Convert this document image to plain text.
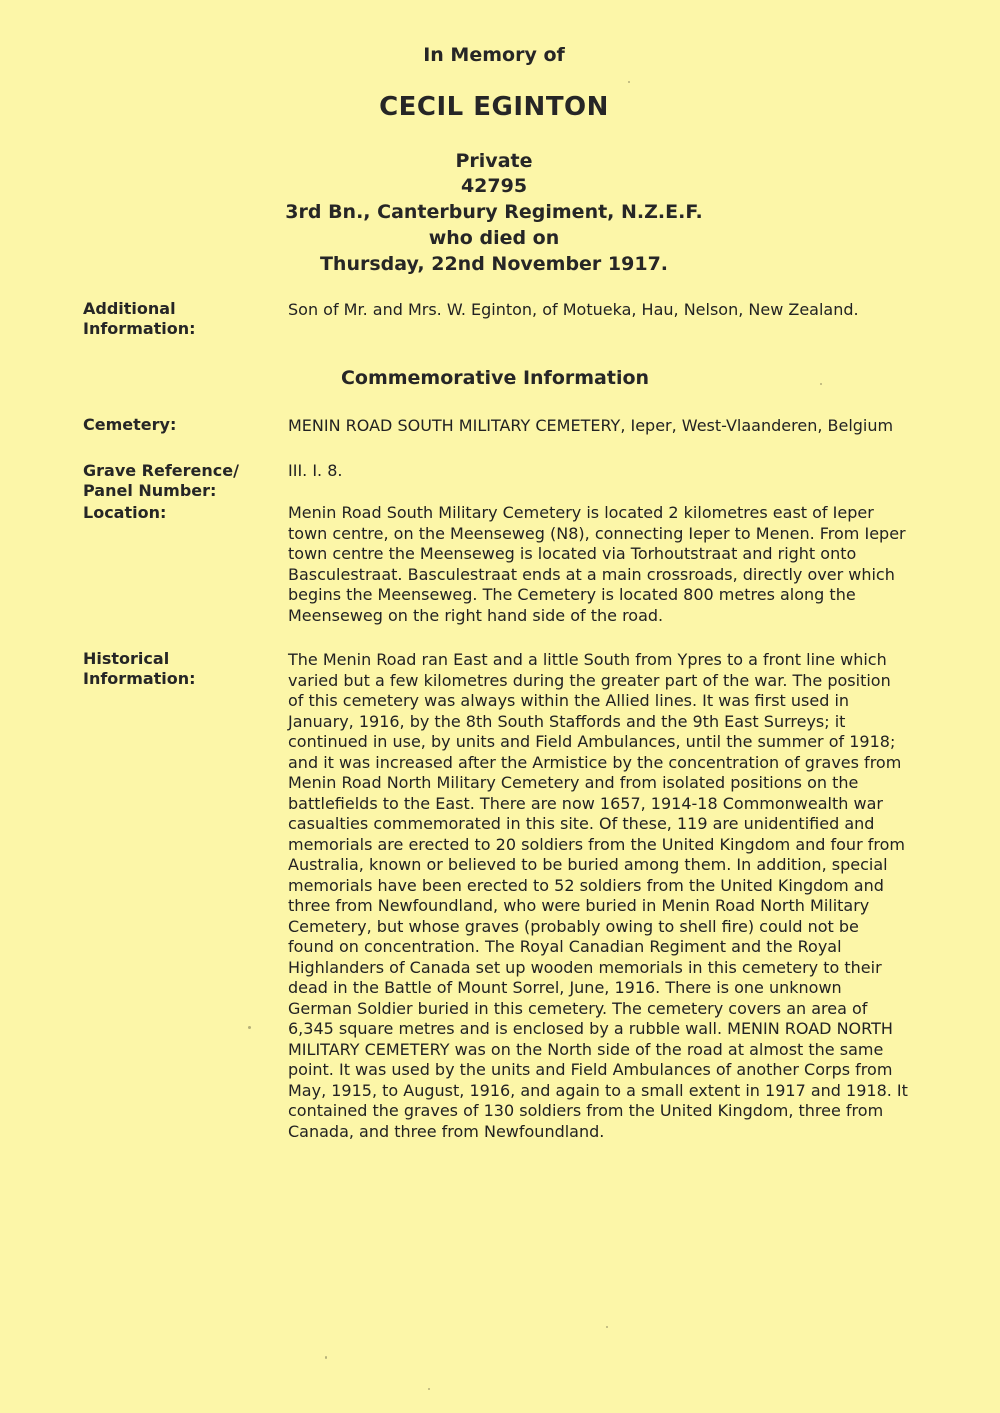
In Memory of
CECIL EGINTON
Private
42795
3rd Bn., Canterbury Regiment, N.Z.E.F.
who died on
Thursday, 22nd November 1917.
Additional Information:
Son of Mr. and Mrs. W. Eginton, of Motueka, Hau, Nelson, New Zealand.
Commemorative Information
Cemetery:	MENIN ROAD SOUTH MILITARY CEMETERY, Ieper, West-Vlaanderen, Belgium
Grave Reference/ Panel Number:
III. I. 8.
Location:	Menin Road South Military Cemetery is located 2 kilometres east of Ieper town centre, on the Meenseweg (N8), connecting Ieper to Menen. From Ieper town centre the Meenseweg is located via Torhoutstraat and right onto Basculestraat. Basculestraat ends at a main crossroads, directly over which begins the Meenseweg. The Cemetery is located 800 metres along the Meenseweg on the right hand side of the road.
Historical Information:
The Menin Road ran East and a little South from Ypres to a front line which varied but a few kilometres during the greater part of the war. The position of this cemetery was always within the Allied lines. It was first used in January, 1916, by the 8th South Staffords and the 9th East Surreys; it continued in use, by units and Field Ambulances, until the summer of 1918; and it was increased after the Armistice by the concentration of graves from Menin Road North Military Cemetery and from isolated positions on the battlefields to the East. There are now 1657, 1914-18 Commonwealth war casualties commemorated in this site. Of these, 119 are unidentified and memorials are erected to 20 soldiers from the United Kingdom and four from Australia, known or believed to be buried among them. In addition, special memorials have been erected to 52 soldiers from the United Kingdom and three from Newfoundland, who were buried in Menin Road North Military Cemetery, but whose graves (probably owing to shell fire) could not be found on concentration. The Royal Canadian Regiment and the Royal Highlanders of Canada set up wooden memorials in this cemetery to their dead in the Battle of Mount Sorrel, June, 1916. There is one unknown German Soldier buried in this cemetery. The cemetery covers an area of 6,345 square metres and is enclosed by a rubble wall. MENIN ROAD NORTH MILITARY CEMETERY was on the North side of the road at almost the same point. It was used by the units and Field Ambulances of another Corps from May, 1915, to August, 1916, and again to a small extent in 1917 and 1918. It contained the graves of 130 soldiers from the United Kingdom, three from Canada, and three from Newfoundland.
